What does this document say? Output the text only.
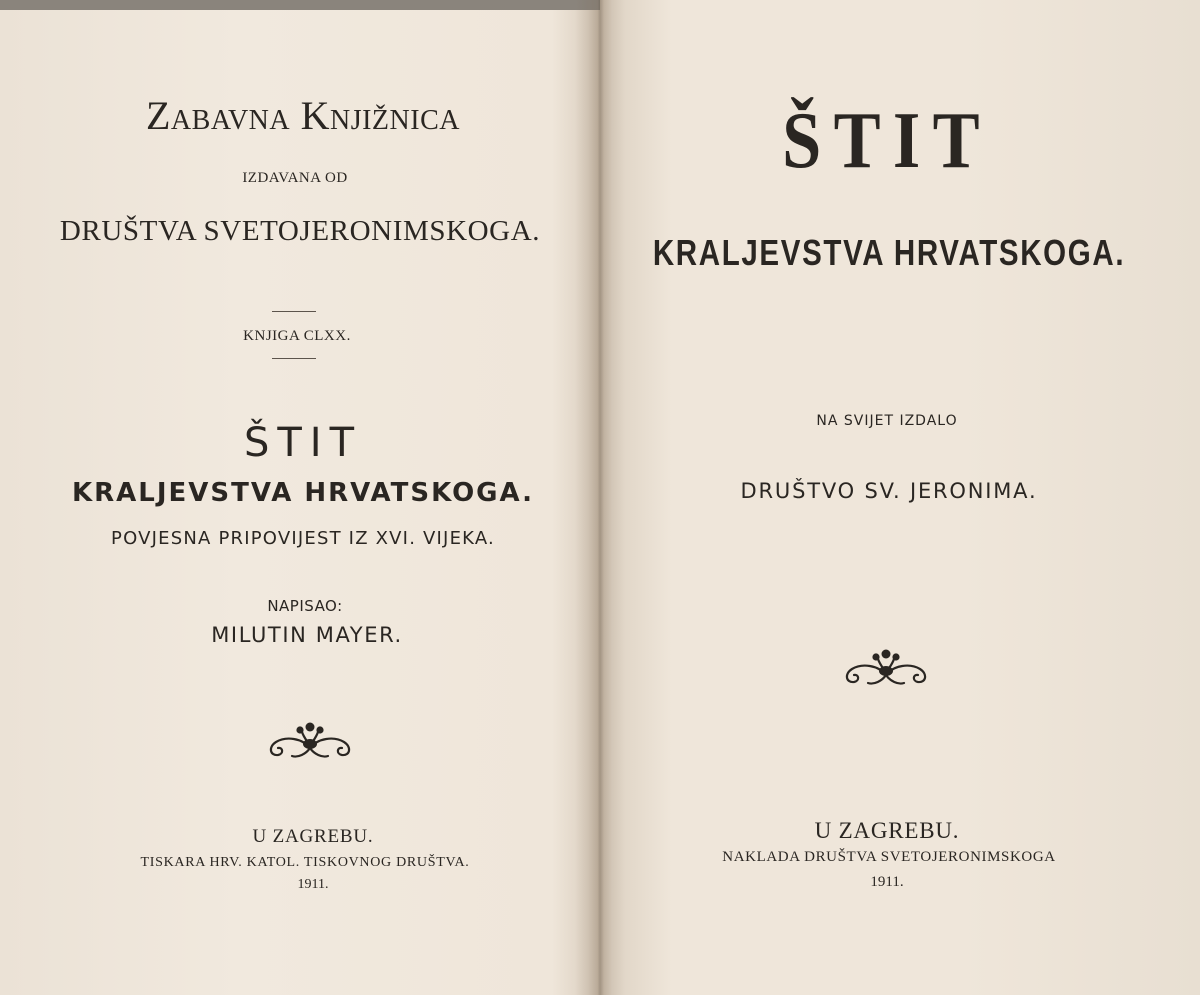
Zabavna Knjižnica
IZDAVANA OD
DRUŠTVA SVETOJERONIMSKOGA.
KNJIGA CLXX.
ŠTIT
KRALJEVSTVA HRVATSKOGA.
POVJESNA PRIPOVIJEST IZ XVI. VIJEKA.
NAPISAO:
MILUTIN MAYER.
U ZAGREBU.
TISKARA HRV. KATOL. TISKOVNOG DRUŠTVA.
1911.
ŠTIT
KRALJEVSTVA HRVATSKOGA.
NA SVIJET IZDALO
DRUŠTVO SV. JERONIMA.
U ZAGREBU.
NAKLADA DRUŠTVA SVETOJERONIMSKOGA
1911.
